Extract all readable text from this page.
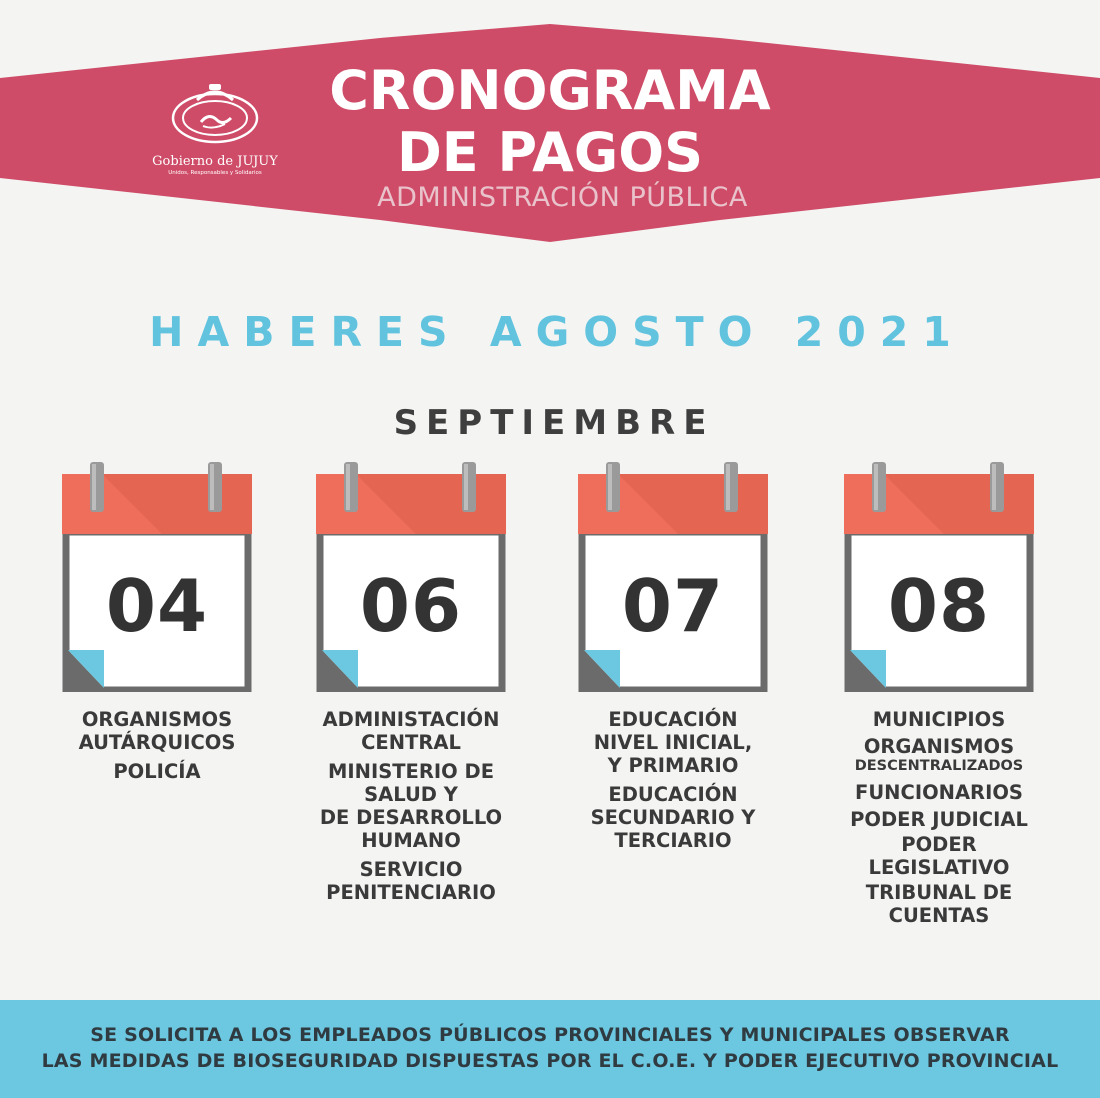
Gobierno de JUJUY
Unidos, Responsables y Solidarios
CRONOGRAMA
DE PAGOS
ADMINISTRACIÓN PÚBLICA
HABERES AGOSTO 2021
SEPTIEMBRE
04	06	07	08
ORGANISMOS
AUTÁRQUICOS
POLICÍA
ADMINISTACIÓN
CENTRAL
MINISTERIO DE
SALUD Y
DE DESARROLLO
HUMANO
SERVICIO
PENITENCIARIO
EDUCACIÓN
NIVEL INICIAL,
Y PRIMARIO
EDUCACIÓN
SECUNDARIO Y
TERCIARIO
MUNICIPIOS
ORGANISMOS
DESCENTRALIZADOS
FUNCIONARIOS
PODER JUDICIAL
PODER
LEGISLATIVO
TRIBUNAL DE
CUENTAS
SE SOLICITA A LOS EMPLEADOS PÚBLICOS PROVINCIALES Y MUNICIPALES OBSERVAR
LAS MEDIDAS DE BIOSEGURIDAD DISPUESTAS POR EL C.O.E. Y PODER EJECUTIVO PROVINCIAL
